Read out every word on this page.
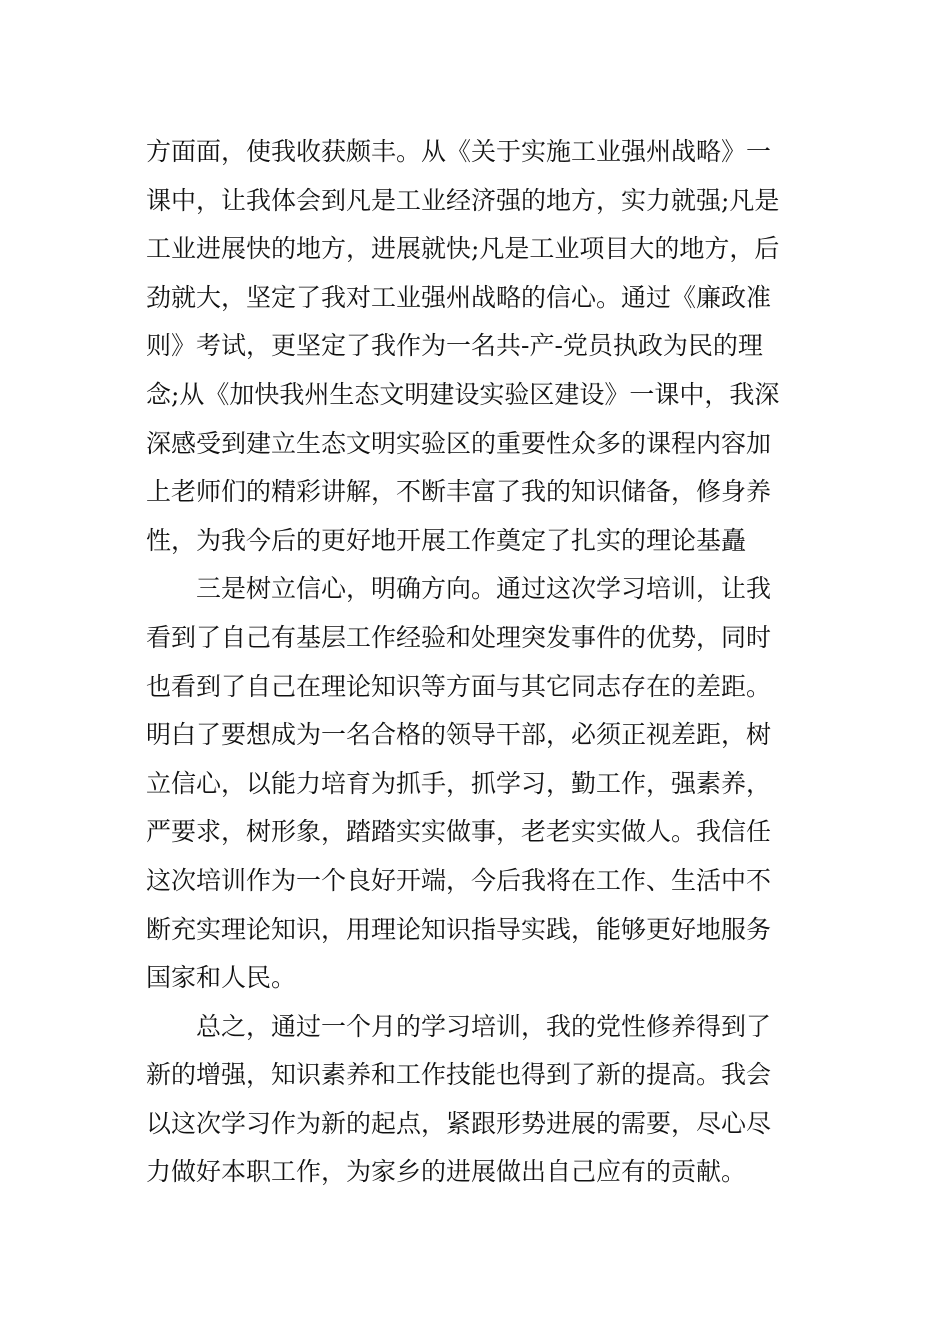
方面面，使我收获颇丰。从《关于实施工业强州战略》一
课中，让我体会到凡是工业经济强的地方，实力就强;凡是
工业进展快的地方，进展就快;凡是工业项目大的地方，后
劲就大，坚定了我对工业强州战略的信心。通过《廉政准
则》考试，更坚定了我作为一名共-产-党员执政为民的理
念;从《加快我州生态文明建设实验区建设》一课中，我深
深感受到建立生态文明实验区的重要性众多的课程内容加
上老师们的精彩讲解，不断丰富了我的知识储备，修身养
性，为我今后的更好地开展工作奠定了扎实的理论基矗
三是树立信心，明确方向。通过这次学习培训，让我
看到了自己有基层工作经验和处理突发事件的优势，同时
也看到了自己在理论知识等方面与其它同志存在的差距。
明白了要想成为一名合格的领导干部，必须正视差距，树
立信心，以能力培育为抓手，抓学习，勤工作，强素养，
严要求，树形象，踏踏实实做事，老老实实做人。我信任
这次培训作为一个良好开端，今后我将在工作、生活中不
断充实理论知识，用理论知识指导实践，能够更好地服务
国家和人民。
总之，通过一个月的学习培训，我的党性修养得到了
新的增强，知识素养和工作技能也得到了新的提高。我会
以这次学习作为新的起点，紧跟形势进展的需要，尽心尽
力做好本职工作，为家乡的进展做出自己应有的贡献。
